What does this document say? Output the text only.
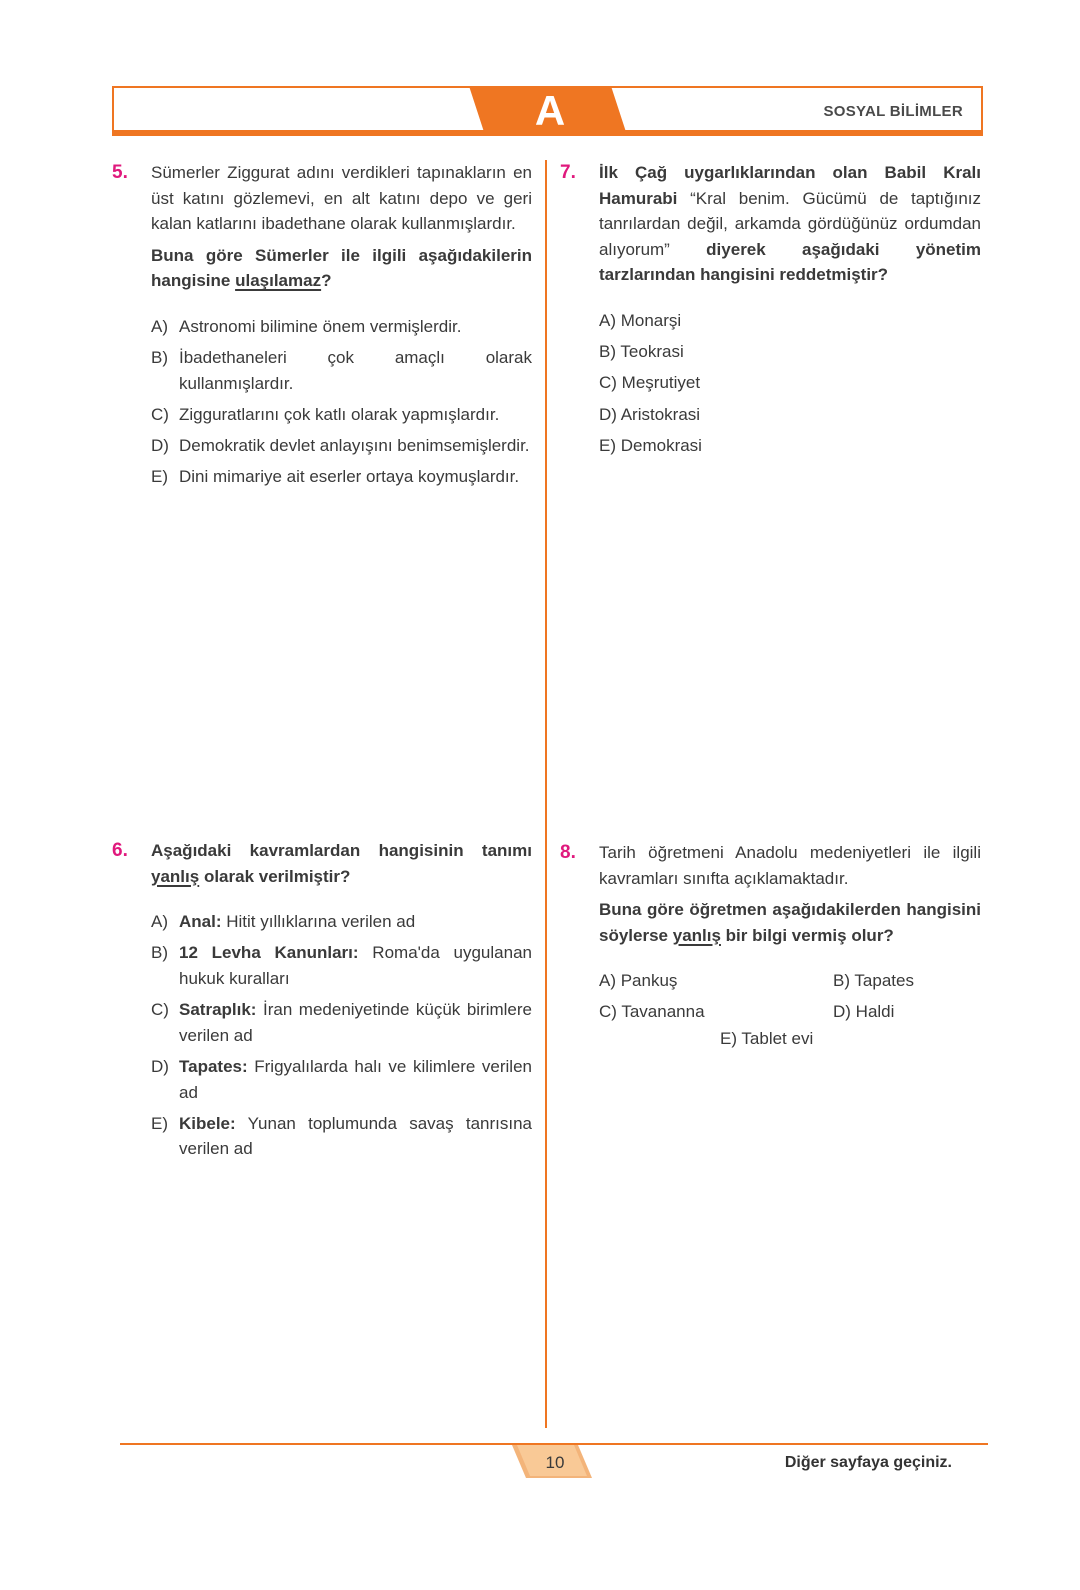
A	SOSYAL BİLİMLER
5. Sümerler Ziggurat adını verdikleri tapınakların en üst katını gözlemevi, en alt katını depo ve geri kalan katlarını ibadethane olarak kullanmışlardır.

Buna göre Sümerler ile ilgili aşağıdakilerin hangisine ulaşılamaz?

A) Astronomi bilimine önem vermişlerdir.
B) İbadethaneleri çok amaçlı olarak kullanmışlardır.
C) Zigguratlarını çok katlı olarak yapmışlardır.
D) Demokratik devlet anlayışını benimsemişlerdir.
E) Dini mimariye ait eserler ortaya koymuşlardır.
7. İlk Çağ uygarlıklarından olan Babil Kralı Hamurabi “Kral benim. Gücümü de taptığınız tanrılardan değil, arkamda gördüğünüz ordumdan alıyorum” diyerek aşağıdaki yönetim tarzlarından hangisini reddetmiştir?

A) Monarşi
B) Teokrasi
C) Meşrutiyet
D) Aristokrasi
E) Demokrasi
6. Aşağıdaki kavramlardan hangisinin tanımı yanlış olarak verilmiştir?

A) Anal: Hitit yıllıklarına verilen ad
B) 12 Levha Kanunları: Roma'da uygulanan hukuk kuralları
C) Satraplık: İran medeniyetinde küçük birimlere verilen ad
D) Tapates: Frigyalılarda halı ve kilimlere verilen ad
E) Kibele: Yunan toplumunda savaş tanrısına verilen ad
8. Tarih öğretmeni Anadolu medeniyetleri ile ilgili kavramları sınıfta açıklamaktadır.

Buna göre öğretmen aşağıdakilerden hangisini söylerse yanlış bir bilgi vermiş olur?

A) Pankuş	B) Tapates
C) Tavananna	D) Haldi
E) Tablet evi
10	Diğer sayfaya geçiniz.
